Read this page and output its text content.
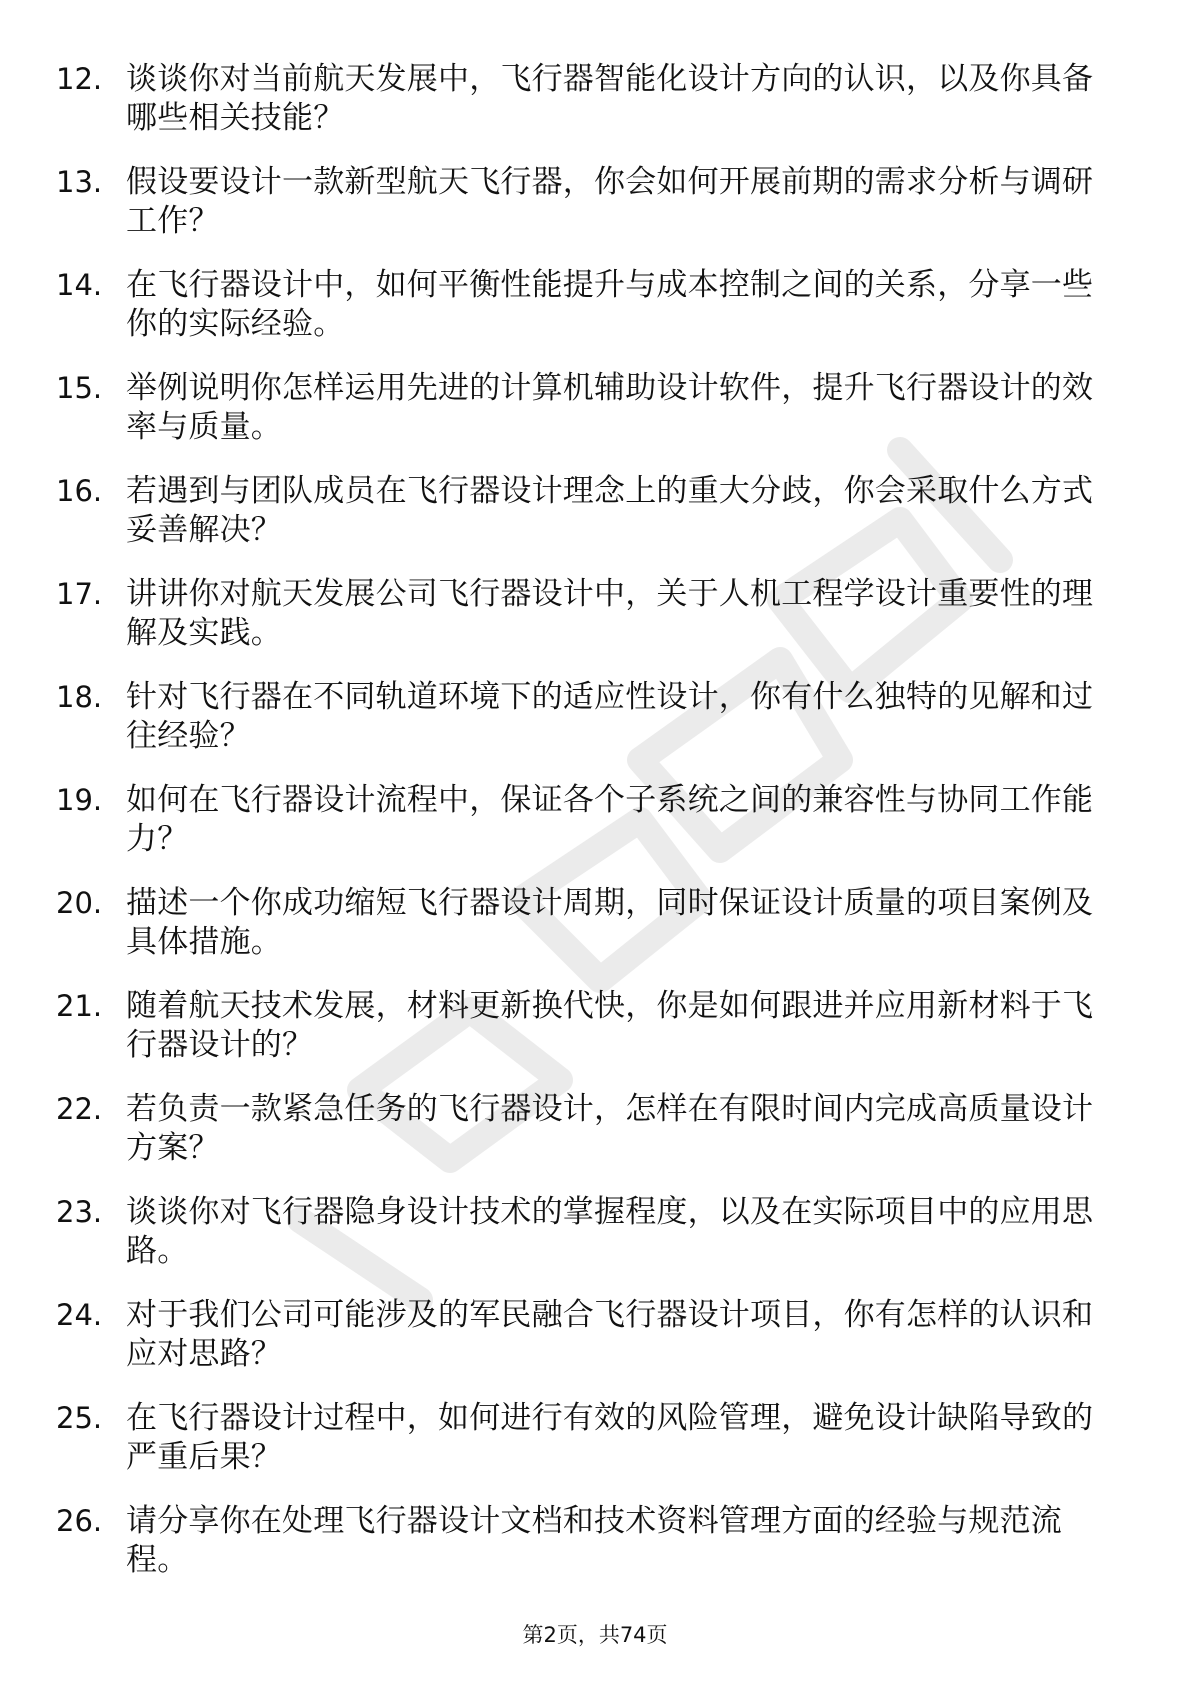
12. 谈谈你对当前航天发展中，飞行器智能化设计方向的认识，以及你具备哪些相关技能？
13. 假设要设计一款新型航天飞行器，你会如何开展前期的需求分析与调研工作？
14. 在飞行器设计中，如何平衡性能提升与成本控制之间的关系，分享一些你的实际经验。
15. 举例说明你怎样运用先进的计算机辅助设计软件，提升飞行器设计的效率与质量。
16. 若遇到与团队成员在飞行器设计理念上的重大分歧，你会采取什么方式妥善解决？
17. 讲讲你对航天发展公司飞行器设计中，关于人机工程学设计重要性的理解及实践。
18. 针对飞行器在不同轨道环境下的适应性设计，你有什么独特的见解和过往经验？
19. 如何在飞行器设计流程中，保证各个子系统之间的兼容性与协同工作能力？
20. 描述一个你成功缩短飞行器设计周期，同时保证设计质量的项目案例及具体措施。
21. 随着航天技术发展，材料更新换代快，你是如何跟进并应用新材料于飞行器设计的？
22. 若负责一款紧急任务的飞行器设计，怎样在有限时间内完成高质量设计方案？
23. 谈谈你对飞行器隐身设计技术的掌握程度，以及在实际项目中的应用思路。
24. 对于我们公司可能涉及的军民融合飞行器设计项目，你有怎样的认识和应对思路？
25. 在飞行器设计过程中，如何进行有效的风险管理，避免设计缺陷导致的严重后果？
26. 请分享你在处理飞行器设计文档和技术资料管理方面的经验与规范流程。
第2页，共74页
